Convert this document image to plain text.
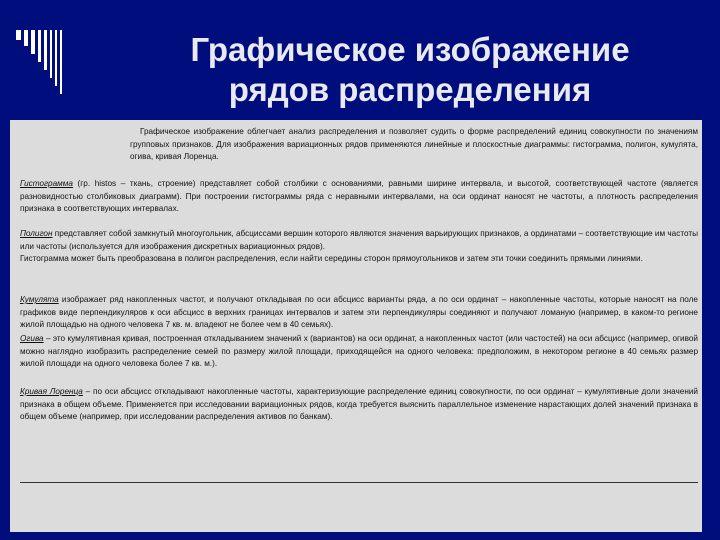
Графическое изображение
рядов распределения

Графическое изображение облегчает анализ распределения и позволяет судить о форме распределений единиц совокупности по значениям групповых признаков. Для изображения вариационных рядов применяются линейные и плоскостные диаграммы: гистограмма, полигон, кумулята, огива, кривая Лоренца.

Гистограмма (гр. histos – ткань, строение) представляет собой столбики с основаниями, равными ширине интервала, и высотой, соответствующей частоте (является разновидностью столбиковых диаграмм). При построении гистограммы ряда с неравными интервалами, на оси ординат наносят не частоты, а плотность распределения признака в соответствующих интервалах.

Полигон представляет собой замкнутый многоугольник, абсциссами вершин которого являются значения варьирующих признаков, а ординатами – соответствующие им частоты или частоты (используется для изображения дискретных вариационных рядов).
Гистограмма может быть преобразована в полигон распределения, если найти середины сторон прямоугольников и затем эти точки соединить прямыми линиями.

Кумулята изображает ряд накопленных частот, и получают откладывая по оси абсцисс варианты ряда, а по оси ординат – накопленные частоты, которые наносят на поле графиков виде перпендикуляров к оси абсцисс в верхних границах интервалов и затем эти перпендикуляры соединяют и получают ломаную (например, в каком-то регионе жилой площадью на одного человека 7 кв. м. владеют не более чем в 40 семьях).

Огива – это кумулятивная кривая, построенная откладыванием значений x (вариантов) на оси ординат, а накопленных частот (или частостей) на оси абсцисс (например, огивой можно наглядно изобразить распределение семей по размеру жилой площади, приходящейся на одного человека: предположим, в некотором регионе в 40 семьях размер жилой площади на одного человека более 7 кв. м.).

Кривая Лоренца – по оси абсцисс откладывают накопленные частоты, характеризующие распределение единиц совокупности, по оси ординат – кумулятивные доли значений признака в общем объеме. Применяется при исследовании вариационных рядов, когда требуется выяснить параллельное изменение нарастающих долей значений признака в общем объеме (например, при исследовании распределения активов по банкам).
